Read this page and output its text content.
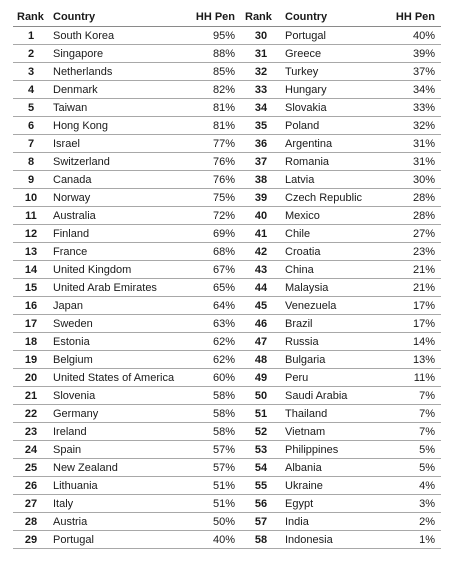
Rank	Country	HH Pen	Rank	Country	HH Pen
1	South Korea	95%	30	Portugal	40%
2	Singapore	88%	31	Greece	39%
3	Netherlands	85%	32	Turkey	37%
4	Denmark	82%	33	Hungary	34%
5	Taiwan	81%	34	Slovakia	33%
6	Hong Kong	81%	35	Poland	32%
7	Israel	77%	36	Argentina	31%
8	Switzerland	76%	37	Romania	31%
9	Canada	76%	38	Latvia	30%
10	Norway	75%	39	Czech Republic	28%
11	Australia	72%	40	Mexico	28%
12	Finland	69%	41	Chile	27%
13	France	68%	42	Croatia	23%
14	United Kingdom	67%	43	China	21%
15	United Arab Emirates	65%	44	Malaysia	21%
16	Japan	64%	45	Venezuela	17%
17	Sweden	63%	46	Brazil	17%
18	Estonia	62%	47	Russia	14%
19	Belgium	62%	48	Bulgaria	13%
20	United States of America	60%	49	Peru	11%
21	Slovenia	58%	50	Saudi Arabia	7%
22	Germany	58%	51	Thailand	7%
23	Ireland	58%	52	Vietnam	7%
24	Spain	57%	53	Philippines	5%
25	New Zealand	57%	54	Albania	5%
26	Lithuania	51%	55	Ukraine	4%
27	Italy	51%	56	Egypt	3%
28	Austria	50%	57	India	2%
29	Portugal	40%	58	Indonesia	1%
